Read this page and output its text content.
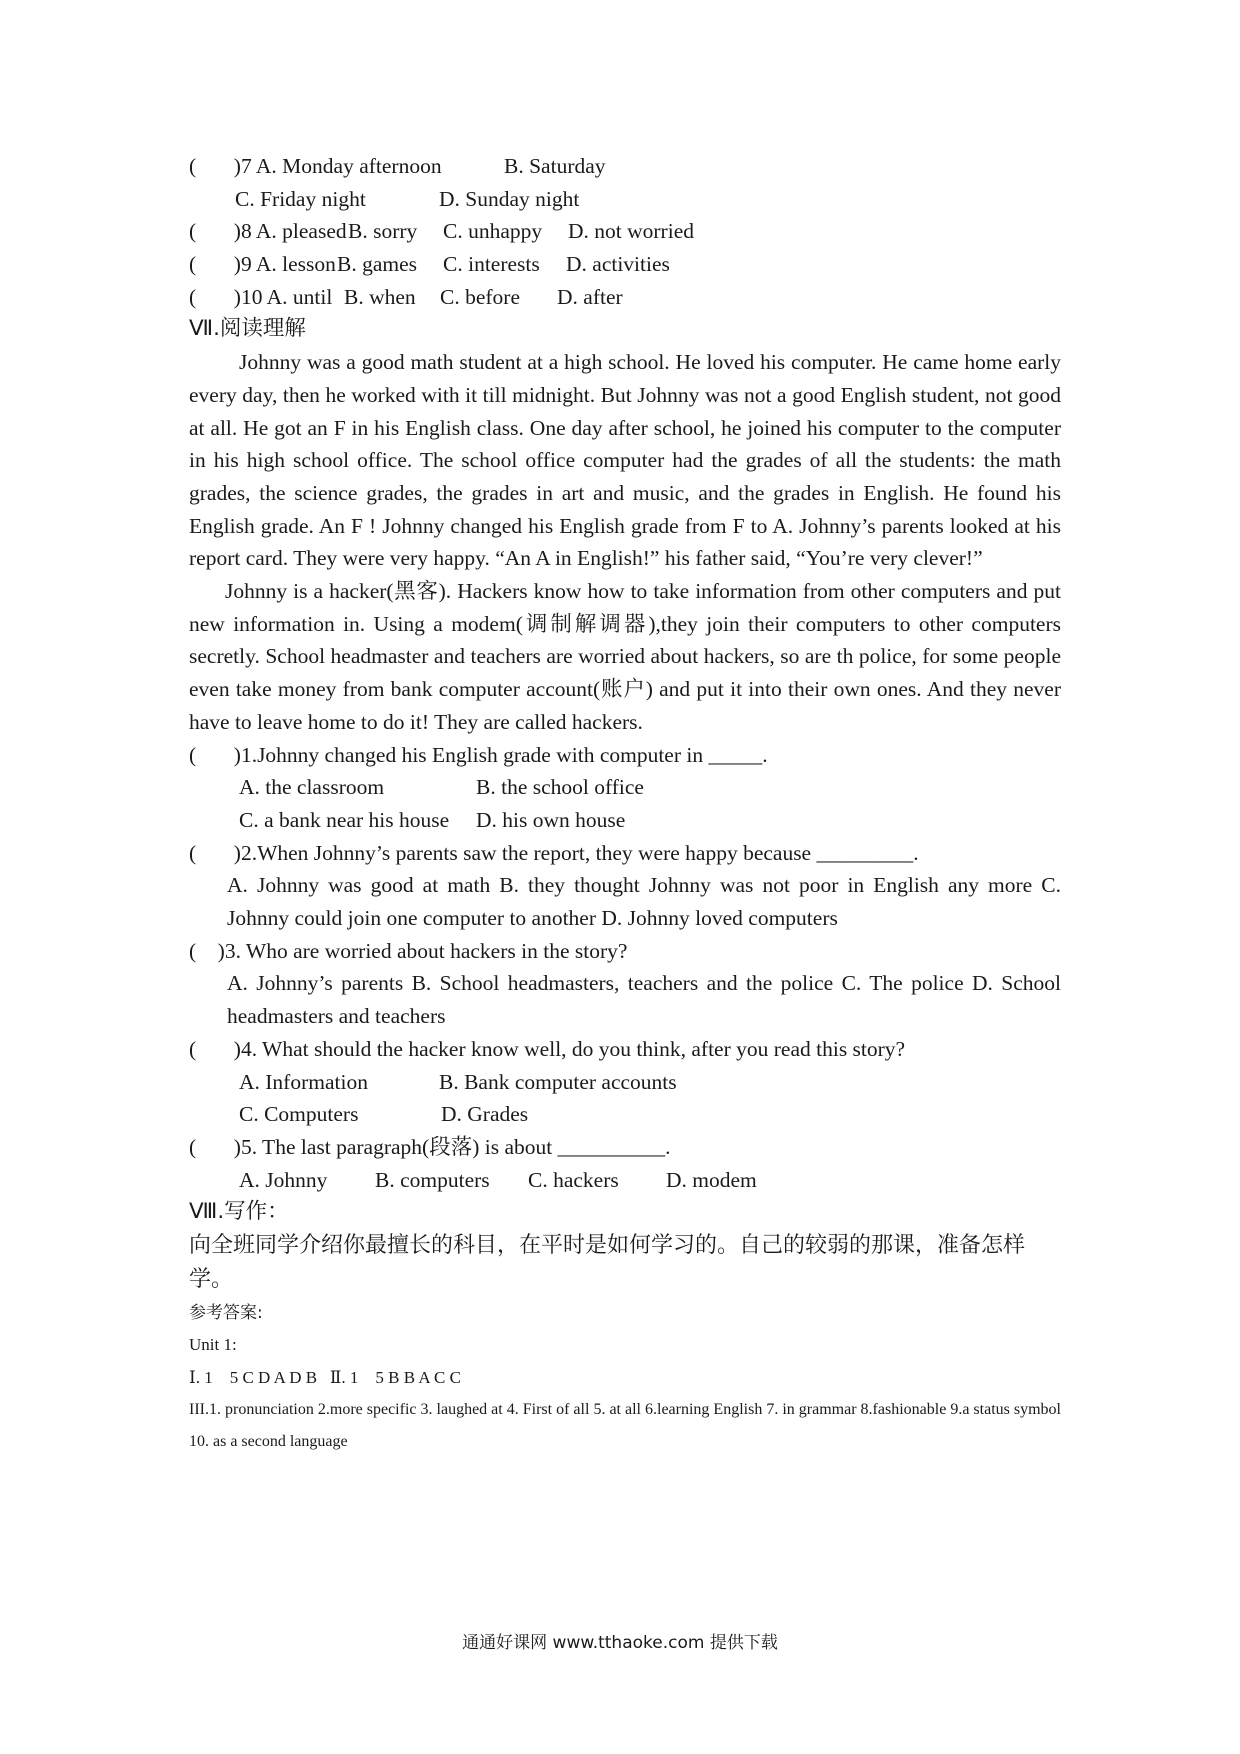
(       )7 A. Monday afternoon

	B. Saturday

C. Friday night

	D. Sunday night

(       )8 A. pleased

B. sorry

C. unhappy

D. not worried

(       )9 A. lesson

B. games

C. interests

D. activities

(       )10 A. until

B. when

C. before

D. after

Ⅶ.阅读理解
Johnny was a good math student at a high school. He loved his computer. He came home early every day, then he worked with it till midnight. But Johnny was not a good English student, not good at all. He got an F in his English class. One day after school, he joined his computer to the computer in his high school office. The school office computer had the grades of all the students: the math grades, the science grades, the grades in art and music, and the grades in English. He found his English grade. An F ! Johnny changed his English grade from F to A. Johnny’s parents looked at his report card. They were very happy. “An A in English!” his father said, “You’re very clever!”
Johnny is a hacker(黑客). Hackers know how to take information from other computers and put new information in. Using a modem(调制解调器),they join their computers to other computers secretly. School headmaster and teachers are worried about hackers, so are th police, for some people even take money from bank computer account(账户) and put it into their own ones. And they never have to leave home to do it! They are called hackers.

(       )1.Johnny changed his English grade with computer in _____.

A. the classroom

	B. the school office

C. a bank near his house

D. his own house

(       )2.When Johnny’s parents saw the report, they were happy because _________.

A. Johnny was good at math B. they thought Johnny was not poor in English any more C. Johnny could join one computer to another D. Johnny loved computers

(    )3. Who are worried about hackers in the story?

A. Johnny’s parents B. School headmasters, teachers and the police C. The police D. School headmasters and teachers

(       )4. What should the hacker know well, do you think, after you read this story?

A. Information

	B. Bank computer accounts

C. Computers

	D. Grades

(       )5. The last paragraph(段落) is about __________.

A. Johnny

B. computers

C. hackers

D. modem

Ⅷ.写作：
向全班同学介绍你最擅长的科目，在平时是如何学习的。自己的较弱的那课，准备怎样学。
参考答案:
Unit 1:
Ⅰ. 1    5 C D A D B   Ⅱ. 1    5 B B A C C
III.1. pronunciation 2.more specific 3. laughed at 4. First of all 5. at all 6.learning English 7. in grammar 8.fashionable 9.a status symbol 10. as a second language
通通好课网 www.tthaoke.com 提供下载
